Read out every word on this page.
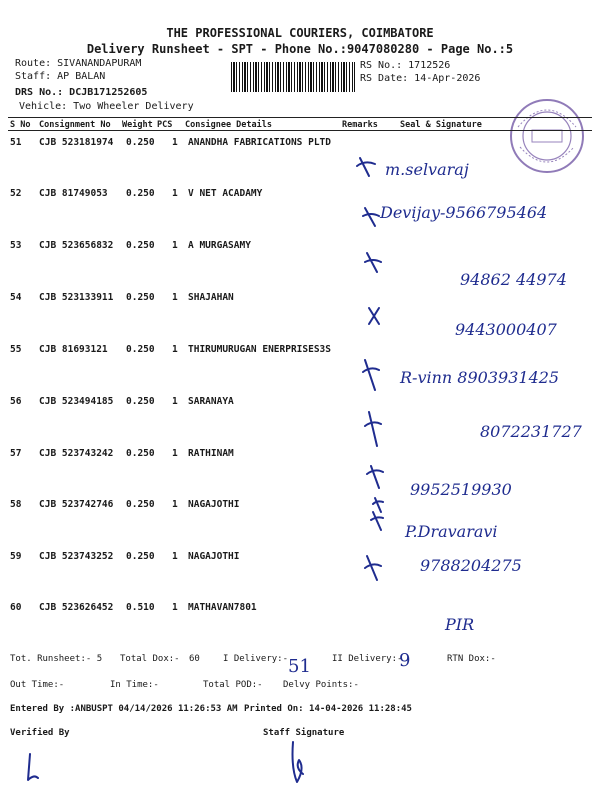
THE PROFESSIONAL COURIERS, COIMBATORE
Delivery Runsheet - SPT - Phone No.:9047080280 - Page No.:5
Route: SIVANANDAPURAM
Staff: AP BALAN
DRS No.: DCJB171252605
Vehicle: Two Wheeler Delivery
RS No.: 1712526
RS Date: 14-Apr-2026
S No Consignment No Weight PCS Consignee Details	Remarks	Seal & Signature
51 CJB 523181974 0.250 1 ANANDHA FABRICATIONS PLTD
52 CJB 81749053 0.250 1 V NET ACADAMY
53 CJB 523656832 0.250 1 A MURGASAMY
54 CJB 523133911 0.250 1 SHAJAHAN
55 CJB 81693121 0.250 1 THIRUMURUGAN ENERPRISES3S
56 CJB 523494185 0.250 1 SARANAYA
57 CJB 523743242 0.250 1 RATHINAM
58 CJB 523742746 0.250 1 NAGAJOTHI
59 CJB 523743252 0.250 1 NAGAJOTHI
60 CJB 523626452 0.510 1 MATHAVAN7801
m.selvaraj
Devijay-9566795464
94862 44974
9443000407
R-vinn 8903931425
8072231727
9952519930
P.Dravaravi
9788204275
PIR
Tot. Runsheet:- 5 Total Dox:- 60	I Delivery:- 51 II Delivery:-
9	RTN Dox:-
Out Time:-	In Time:-	Total POD:- Delvy Points:-
Entered By :ANBUSPT 04/14/2026 11:26:53 AM Printed On: 14-04-2026 11:28:45
Verified By	Staff Signature
